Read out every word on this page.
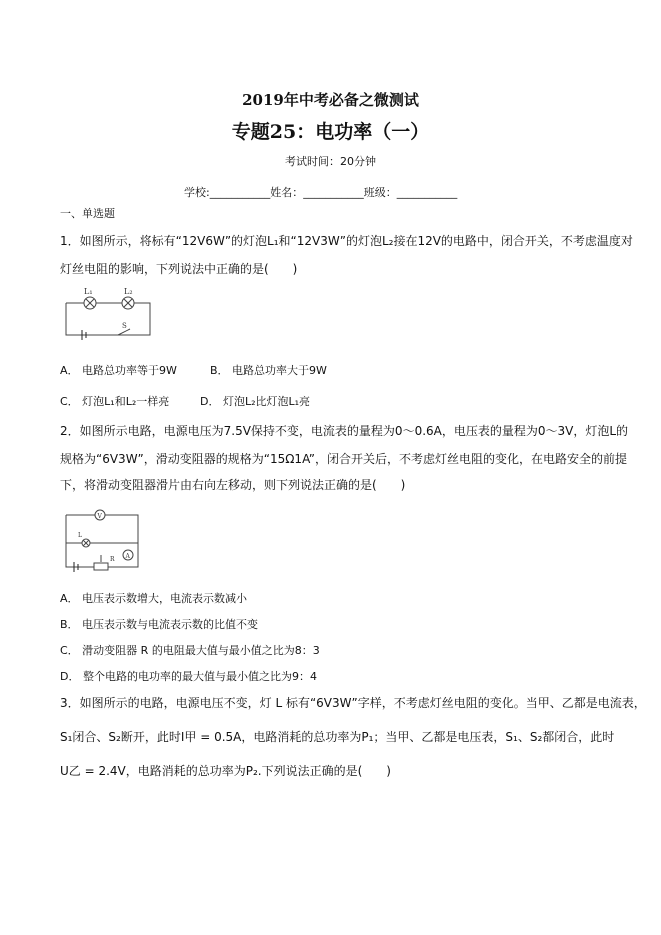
2019年中考必备之微测试
专题25：电功率（一）
考试时间：20分钟
学校:___________姓名：___________班级：___________
一、单选题
1．如图所示，将标有“12V6W”的灯泡L₁和“12V3W”的灯泡L₂接在12V的电路中，闭合开关，不考虑温度对
灯丝电阻的影响，下列说法中正确的是(　　)
L₁	L₂
S
A． 电路总功率等于9W	B． 电路总功率大于9W
C． 灯泡L₁和L₂一样亮	D． 灯泡L₂比灯泡L₁亮
2．如图所示电路，电源电压为7.5V保持不变，电流表的量程为0～0.6A，电压表的量程为0～3V，灯泡L的
规格为“6V3W”，滑动变阻器的规格为“15Ω1A”，闭合开关后，不考虑灯丝电阻的变化，在电路安全的前提
下，将滑动变阻器滑片由右向左移动，则下列说法正确的是(　　)
V
L
A
R
A． 电压表示数增大，电流表示数减小
B． 电压表示数与电流表示数的比值不变
C． 滑动变阻器 R 的电阻最大值与最小值之比为8：3
D． 整个电路的电功率的最大值与最小值之比为9：4
3．如图所示的电路，电源电压不变，灯 L 标有“6V3W”字样，不考虑灯丝电阻的变化。当甲、乙都是电流表，
S₁闭合、S₂断开，此时I甲 = 0.5A，电路消耗的总功率为P₁；当甲、乙都是电压表，S₁、S₂都闭合，此时
U乙 = 2.4V，电路消耗的总功率为P₂.下列说法正确的是(　　)
